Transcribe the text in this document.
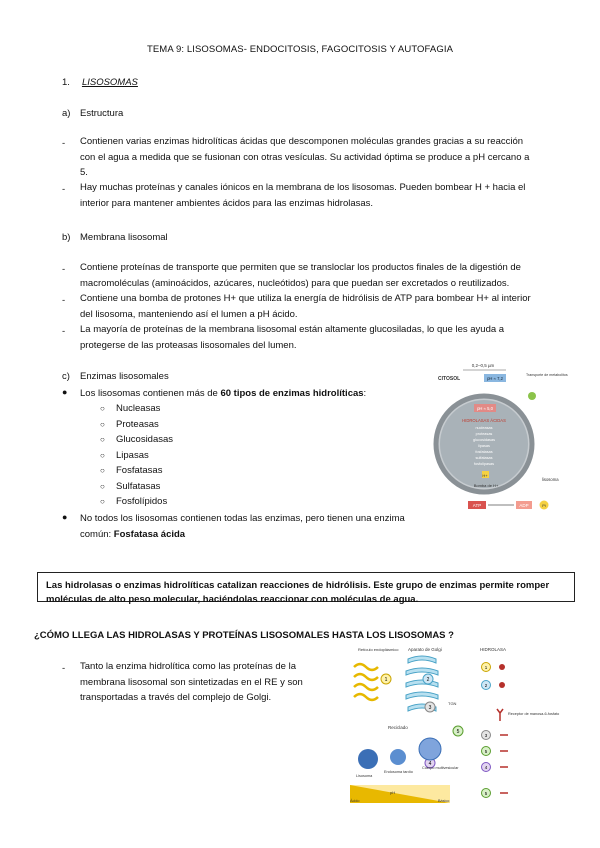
TEMA 9: LISOSOMAS- ENDOCITOSIS, FAGOCITOSIS Y AUTOFAGIA
1. LISOSOMAS
a) Estructura
- Contienen varias enzimas hidrolíticas ácidas que descomponen moléculas grandes gracias a su reacción
con el agua a medida que se fusionan con otras vesículas. Su actividad óptima se produce a pH cercano a
5.
- Hay muchas proteínas y canales iónicos en la membrana de los lisosomas. Pueden bombear H + hacia el
interior para mantener ambientes ácidos para las enzimas hidrolasas.
b) Membrana lisosomal
- Contiene proteínas de transporte que permiten que se transloclar los productos finales de la digestión de
macromoléculas (aminoácidos, azúcares, nucleótidos) para que puedan ser excretados o reutilizados.
- Contiene una bomba de protones H+ que utiliza la energía de hidrólisis de ATP para bombear H+ al interior
del lisosoma, manteniendo así el lumen a pH ácido.
- La mayoría de proteínas de la membrana lisosomal están altamente glucosiladas, lo que les ayuda a
protegerse de las proteasas lisosomales del lumen.
c) Enzimas lisosomales
● Los lisosomas contienen más de 60 tipos de enzimas hidrolíticas:
○ Nucleasas
○ Proteasas
○ Glucosidasas
○ Lipasas
○ Fosfatasas
○ Sulfatasas
○ Fosfolípidos
● No todos los lisosomas contienen todas las enzimas, pero tienen una enzima
común: Fosfatasa ácida
0,2–0,5 µm
CITOSOL	pH ≈ 7,2
Transporte de metabolitos
pH ≈ 5,0
HIDROLASAS ÁCIDAS
nucleasas
proteasas
glucosidasas
lipasas
fosfatasas
sulfatasas
fosfolipasas
H+
Bomba de H+
lisosoma
ATP	ADP	Pi
Las hidrolasas o enzimas hidrolíticas catalizan reacciones de hidrólisis. Este grupo de enzimas permite romper
moléculas de alto peso molecular, haciéndolas reaccionar con moléculas de agua.
¿CÓMO LLEGA LAS HIDROLASAS Y PROTEÍNAS LISOSOMALES HASTA LOS LISOSOMAS ?
- Tanto la enzima hidrolítica como las proteínas de la
membrana lisosomal son sintetizadas en el RE y son
transportadas a través del complejo de Golgi.
Retículo endoplásmico Aparato de Golgi	HIDROLASA
TGN
1	2
3
4
5
Reciclado
Lisosoma
Endosoma tardío
Cuerpo multivesicular
pH
Ácido	Básico
1
2
3
5
4
5
Receptor de manosa-6-fosfato
